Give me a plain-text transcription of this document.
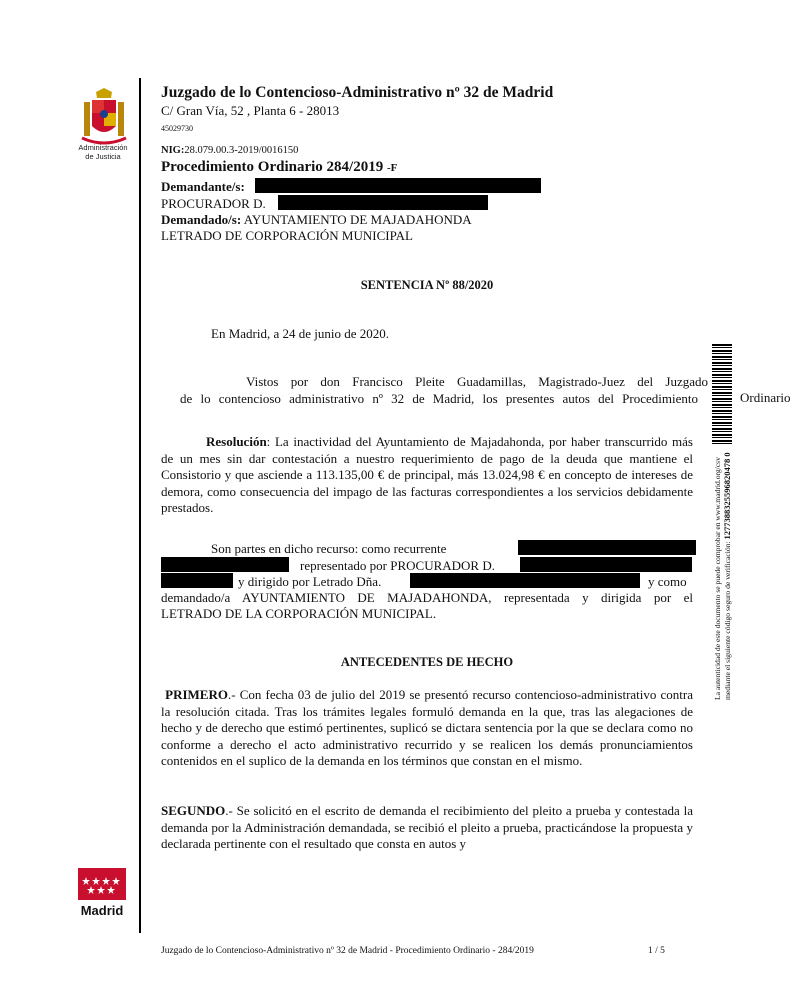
Administración
de Justicia
Juzgado de lo Contencioso-Administrativo nº 32 de Madrid
C/ Gran Vía, 52 , Planta 6 - 28013
45029730
NIG:28.079.00.3-2019/0016150
Procedimiento Ordinario 284/2019 -F
Demandante/s:
PROCURADOR D.
Demandado/s: AYUNTAMIENTO DE MAJADAHONDA
LETRADO DE CORPORACIÓN MUNICIPAL
SENTENCIA Nº 88/2020
En Madrid, a 24 de junio de 2020.
Vistos por don Francisco Pleite Guadamillas, Magistrado-Juez del Juzgado
de lo contencioso administrativo nº 32 de Madrid, los presentes autos del Procedimiento	Ordinario
Resolución: La inactividad del Ayuntamiento de Majadahonda, por haber transcurrido más de un mes sin dar contestación a nuestro requerimiento de pago de la deuda que mantiene el Consistorio y que asciende a 113.135,00 € de principal, más 13.024,98 € en concepto de intereses de demora, como consecuencia del impago de las facturas correspondientes a los servicios debidamente prestados.
Son partes en dicho recurso: como recurrente
representado por PROCURADOR D.
y dirigido por Letrado Dña.	y como
demandado/a AYUNTAMIENTO DE MAJADAHONDA, representada y dirigida por el
LETRADO DE LA CORPORACIÓN MUNICIPAL.
ANTECEDENTES DE HECHO
PRIMERO.- Con fecha 03 de julio del 2019 se presentó recurso contencioso-administrativo contra la resolución citada. Tras los trámites legales formuló demanda en la que, tras las alegaciones de hecho y de derecho que estimó pertinentes, suplicó se dictara sentencia por la que se declara como no conforme a derecho el acto administrativo recurrido y se realicen los demás pronunciamientos contenidos en el suplico de la demanda en los términos que constan en el mismo.
SEGUNDO.- Se solicitó en el escrito de demanda el recibimiento del pleito a prueba y contestada la demanda por la Administración demandada, se recibió el pleito a prueba, practicándose la propuesta y declarada pertinente con el resultado que consta en autos y
La autenticidad de este documento se puede comprobar en www.madrid.org/csv mediante el siguiente código seguro de verificación: 1277388325596820478 0
Madrid
Juzgado de lo Contencioso-Administrativo nº 32 de Madrid - Procedimiento Ordinario - 284/2019	1 / 5
